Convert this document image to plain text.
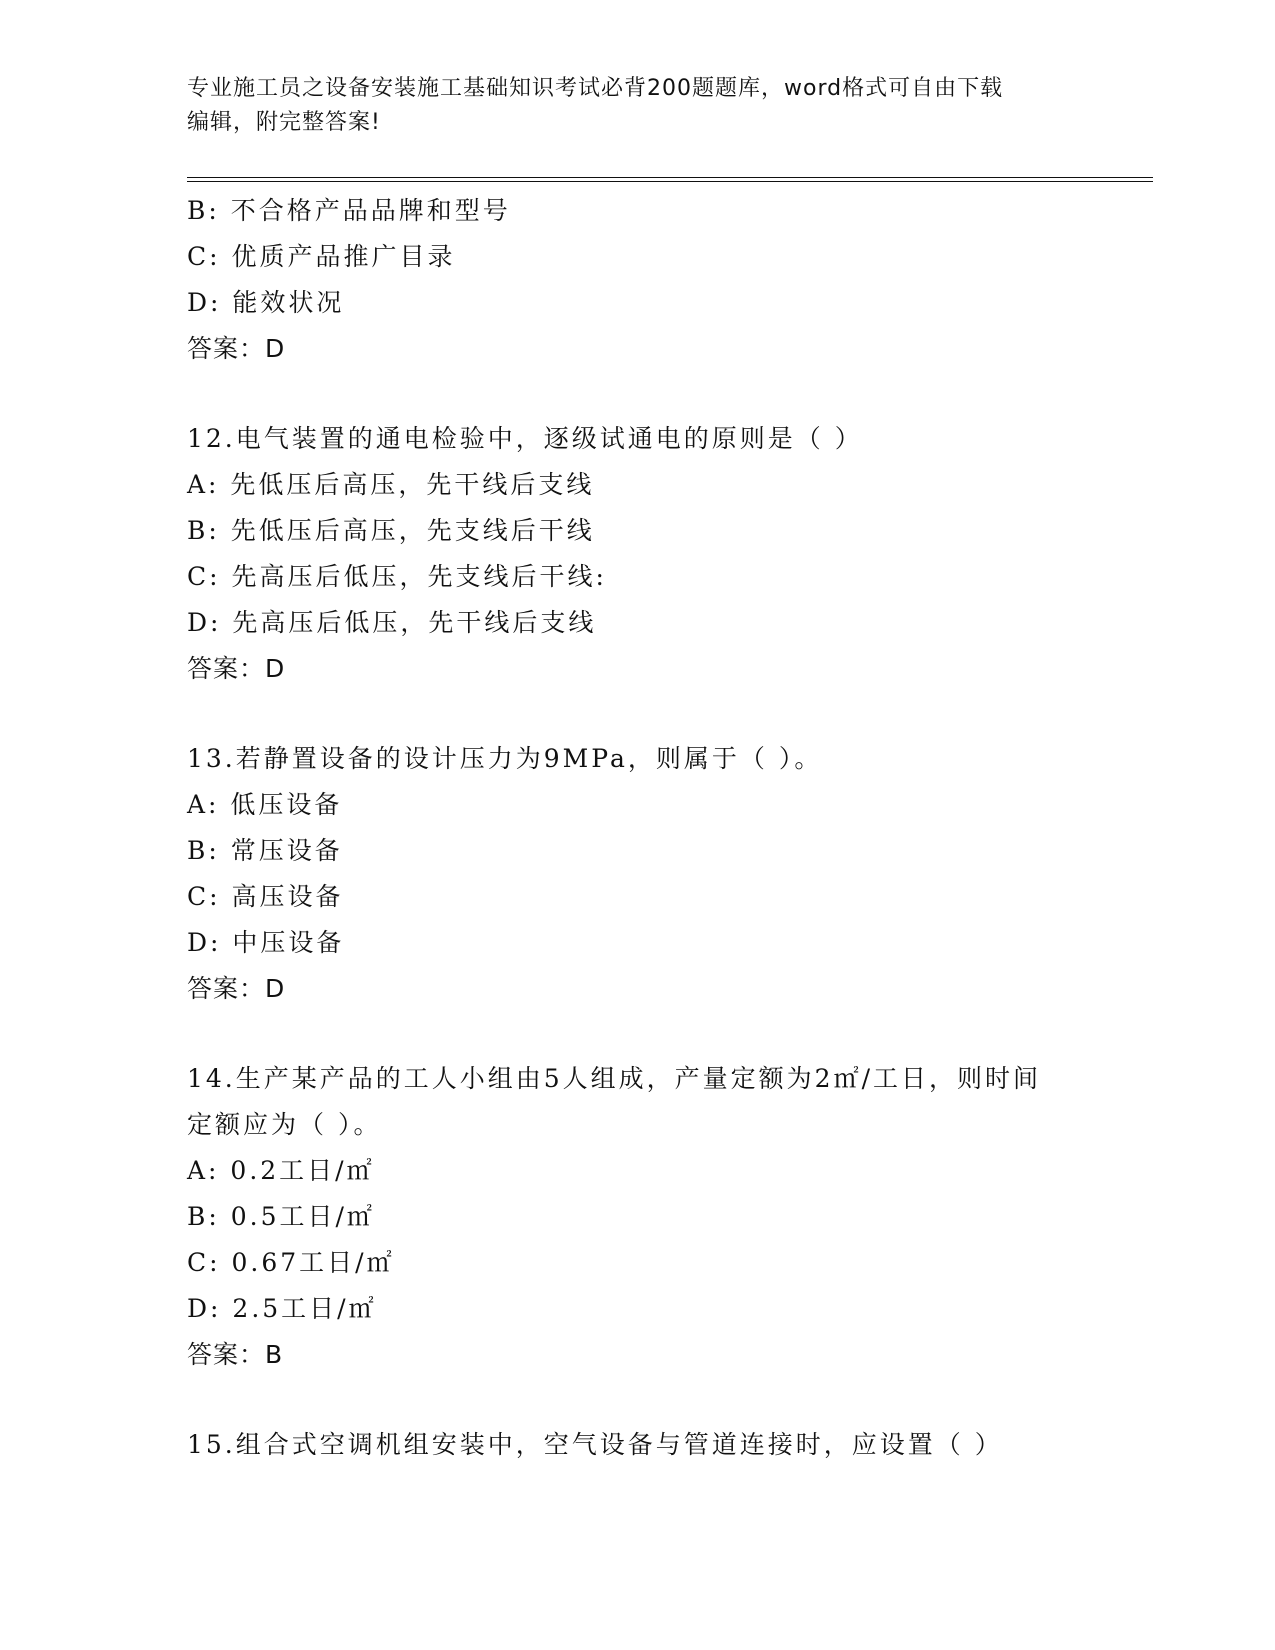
专业施工员之设备安装施工基础知识考试必背200题题库，word格式可自由下载
编辑，附完整答案!
B: 不合格产品品牌和型号
C: 优质产品推广目录
D: 能效状况
答案：D
12.电气装置的通电检验中，逐级试通电的原则是（ ）
A: 先低压后高压，先干线后支线
B: 先低压后高压，先支线后干线
C: 先高压后低压，先支线后干线:
D: 先高压后低压，先干线后支线
答案：D
13.若静置设备的设计压力为9MPa，则属于（ ）。
A: 低压设备
B: 常压设备
C: 高压设备
D: 中压设备
答案：D
14.生产某产品的工人小组由5人组成，产量定额为2㎡/工日，则时间
定额应为（ ）。
A: 0.2工日/㎡
B: 0.5工日/㎡
C: 0.67工日/㎡
D: 2.5工日/㎡
答案：B
15.组合式空调机组安装中，空气设备与管道连接时，应设置（ ）
